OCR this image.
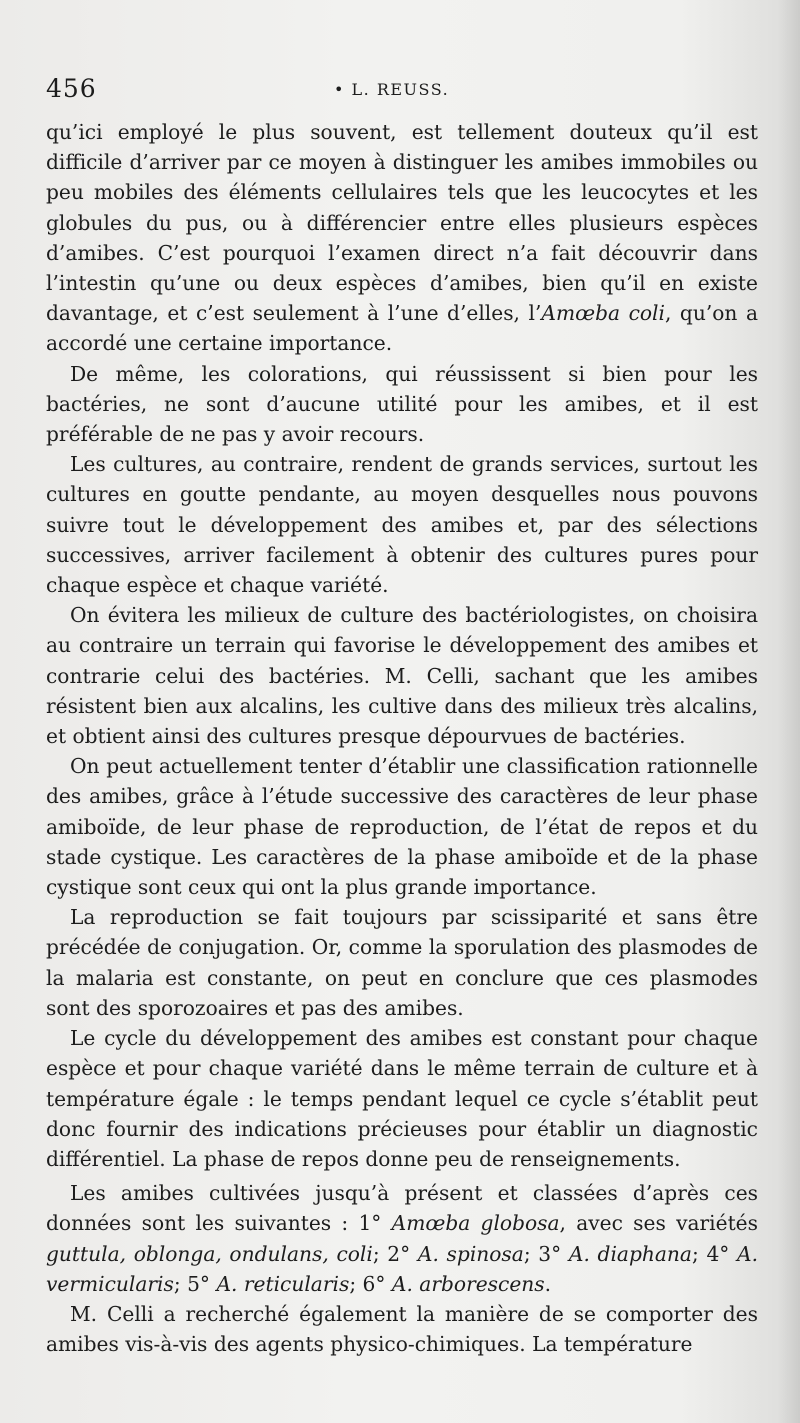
456	• L. REUSS.

qu’ici employé le plus souvent, est tellement douteux qu’il est difficile d’arriver par ce moyen à distinguer les amibes immobiles ou peu mobiles des éléments cellulaires tels que les leucocytes et les globules du pus, ou à différencier entre elles plusieurs espèces d’amibes. C’est pourquoi l’examen direct n’a fait découvrir dans l’intestin qu’une ou deux espèces d’amibes, bien qu’il en existe davantage, et c’est seulement à l’une d’elles, l’Amœba coli, qu’on a accordé une certaine importance.

De même, les colorations, qui réussissent si bien pour les bactéries, ne sont d’aucune utilité pour les amibes, et il est préférable de ne pas y avoir recours.

Les cultures, au contraire, rendent de grands services, surtout les cultures en goutte pendante, au moyen desquelles nous pouvons suivre tout le développement des amibes et, par des sélections successives, arriver facilement à obtenir des cultures pures pour chaque espèce et chaque variété.

On évitera les milieux de culture des bactériologistes, on choisira au contraire un terrain qui favorise le développement des amibes et contrarie celui des bactéries. M. Celli, sachant que les amibes résistent bien aux alcalins, les cultive dans des milieux très alcalins, et obtient ainsi des cultures presque dépourvues de bactéries.

On peut actuellement tenter d’établir une classification rationnelle des amibes, grâce à l’étude successive des caractères de leur phase amiboïde, de leur phase de reproduction, de l’état de repos et du stade cystique. Les caractères de la phase amiboïde et de la phase cystique sont ceux qui ont la plus grande importance.

La reproduction se fait toujours par scissiparité et sans être précédée de conjugation. Or, comme la sporulation des plasmodes de la malaria est constante, on peut en conclure que ces plasmodes sont des sporozoaires et pas des amibes.

Le cycle du développement des amibes est constant pour chaque espèce et pour chaque variété dans le même terrain de culture et à température égale : le temps pendant lequel ce cycle s’établit peut donc fournir des indications précieuses pour établir un diagnostic différentiel. La phase de repos donne peu de renseignements.

Les amibes cultivées jusqu’à présent et classées d’après ces données sont les suivantes : 1° Amœba globosa, avec ses variétés guttula, oblonga, ondulans, coli; 2° A. spinosa; 3° A. diaphana; 4° A. vermicularis; 5° A. reticularis; 6° A. arborescens.

M. Celli a recherché également la manière de se comporter des amibes vis-à-vis des agents physico-chimiques. La température
